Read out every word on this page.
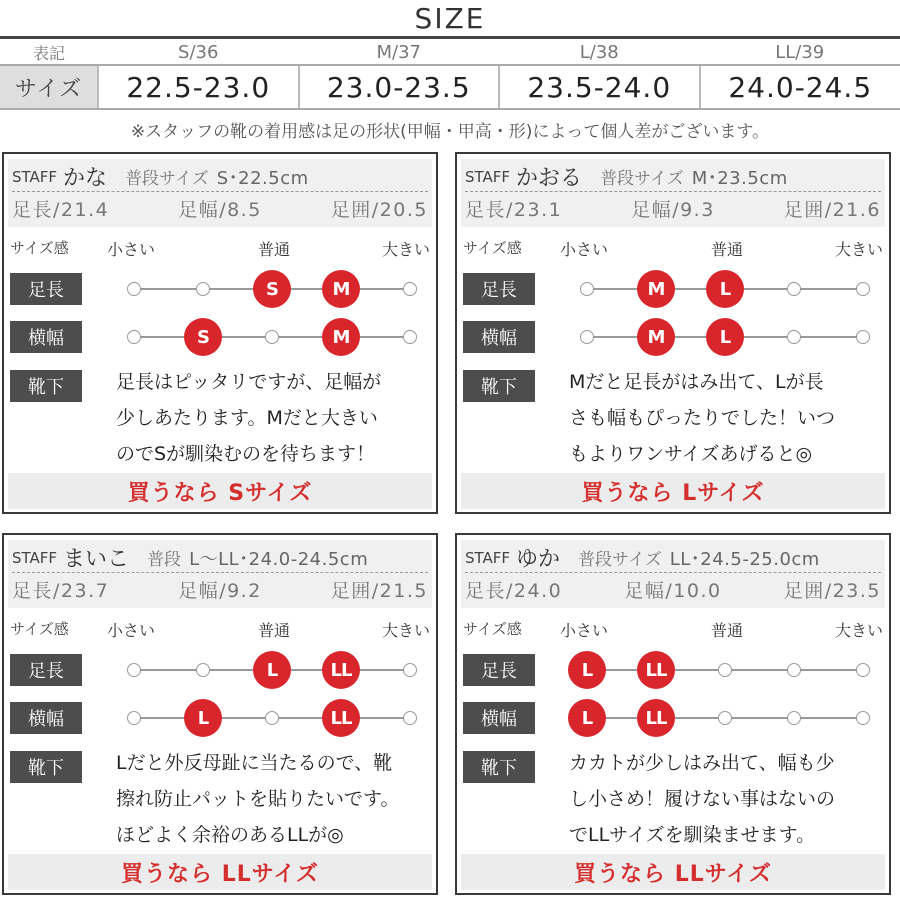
SIZE
表記	S/36	M/37	L/38	LL/39
サイズ	22.5-23.0	23.0-23.5	23.5-24.0	24.0-24.5
※スタッフの靴の着用感は足の形状(甲幅・甲高・形)によって個人差がございます。
STAFF かな 普段サイズ S･22.5cm
足長/21.4	足幅/8.5	足囲/20.5
サイズ感 小さい	普通	大きい
足長	S	M
横幅	S	M
靴下	足長はピッタリですが、足幅が
少しあたります。Mだと大きい
のでSが馴染むのを待ちます！
買うなら Sサイズ
STAFF かおる 普段サイズ M･23.5cm
足長/23.1	足幅/9.3	足囲/21.6
サイズ感 小さい	普通	大きい
足長	M	L
横幅	M	L
靴下	Mだと足長がはみ出て、Lが長
さも幅もぴったりでした！いつ
もよりワンサイズあげると◎
買うなら Lサイズ
STAFF まいこ 普段 L〜LL･24.0-24.5cm
足長/23.7	足幅/9.2	足囲/21.5
サイズ感 小さい	普通	大きい
足長	L	LL
横幅	L	LL
靴下	Lだと外反母趾に当たるので、靴
擦れ防止パットを貼りたいです。
ほどよく余裕のあるLLが◎
買うなら LLサイズ
STAFF ゆか 普段サイズ LL･24.5-25.0cm
足長/24.0	足幅/10.0	足囲/23.5
サイズ感 小さい	普通	大きい
足長	L	LL
横幅	L	LL
靴下	カカトが少しはみ出て、幅も少
し小さめ！履けない事はないの
でLLサイズを馴染ませます。
買うなら LLサイズ
